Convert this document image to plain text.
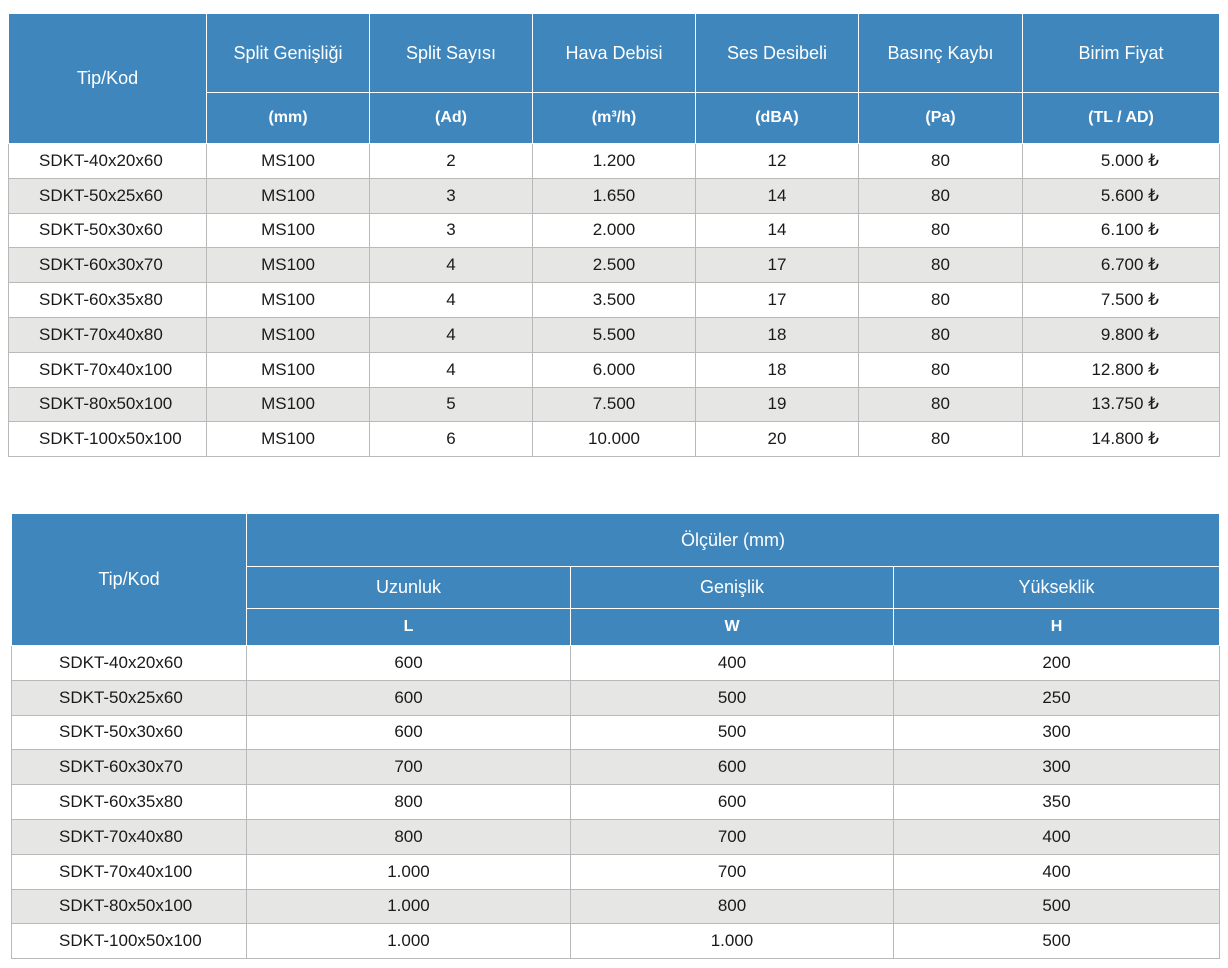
Tip/Kod	Split Genişliği	Split Sayısı	Hava Debisi	Ses Desibeli	Basınç Kaybı	Birim Fiyat
	(mm)	(Ad)	(m³/h)	(dBA)	(Pa)	(TL / AD)
SDKT-40x20x60	MS100	2	1.200	12	80	5.000 ₺
SDKT-50x25x60	MS100	3	1.650	14	80	5.600 ₺
SDKT-50x30x60	MS100	3	2.000	14	80	6.100 ₺
SDKT-60x30x70	MS100	4	2.500	17	80	6.700 ₺
SDKT-60x35x80	MS100	4	3.500	17	80	7.500 ₺
SDKT-70x40x80	MS100	4	5.500	18	80	9.800 ₺
SDKT-70x40x100	MS100	4	6.000	18	80	12.800 ₺
SDKT-80x50x100	MS100	5	7.500	19	80	13.750 ₺
SDKT-100x50x100	MS100	6	10.000	20	80	14.800 ₺
Tip/Kod	Ölçüler (mm)		
	Uzunluk	Genişlik	Yükseklik
	L	W	H
SDKT-40x20x60	600	400	200
SDKT-50x25x60	600	500	250
SDKT-50x30x60	600	500	300
SDKT-60x30x70	700	600	300
SDKT-60x35x80	800	600	350
SDKT-70x40x80	800	700	400
SDKT-70x40x100	1.000	700	400
SDKT-80x50x100	1.000	800	500
SDKT-100x50x100	1.000	1.000	500
